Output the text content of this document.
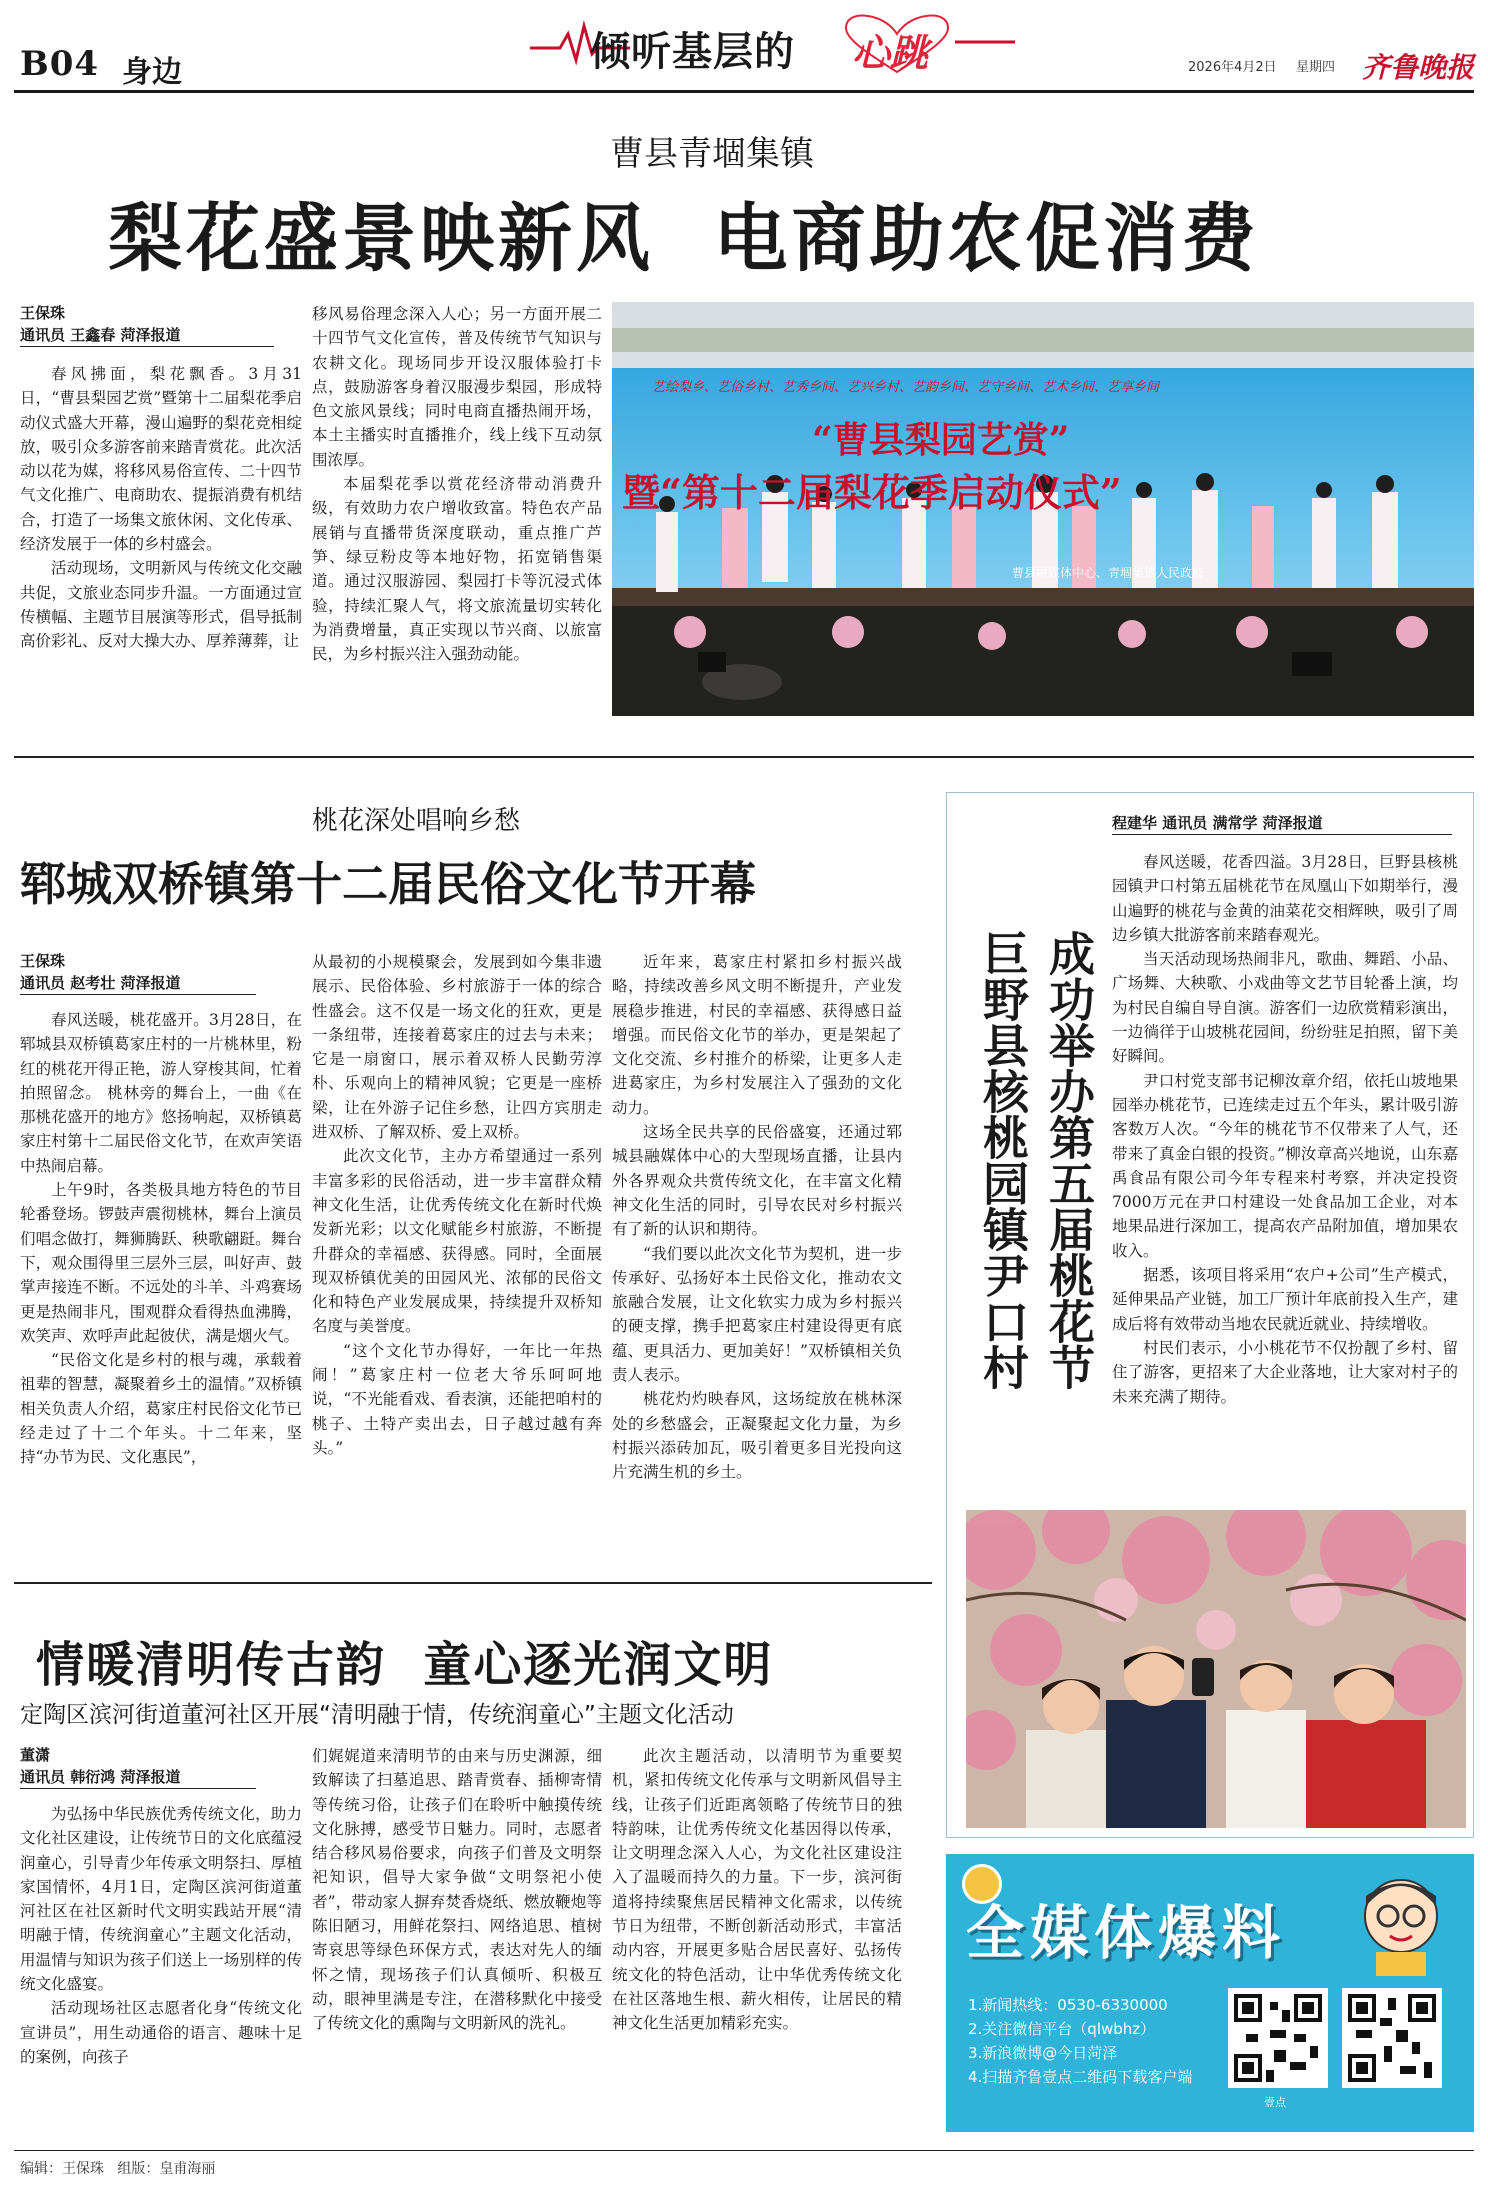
B04 身边	倾听基层的 心跳	2026年4月2日 星期四 齐鲁晚报
曹县青堌集镇
梨花盛景映新风  电商助农促消费
王保珠
通讯员 王鑫春 菏泽报道

春风拂面，梨花飘香。3月31日，“曹县梨园艺赏”暨第十二届梨花季启动仪式盛大开幕，漫山遍野的梨花竞相绽放，吸引众多游客前来踏青赏花。此次活动以花为媒，将移风易俗宣传、二十四节气文化推广、电商助农、提振消费有机结合，打造了一场集文旅休闲、文化传承、经济发展于一体的乡村盛会。

活动现场，文明新风与传统文化交融共促，文旅业态同步升温。一方面通过宣传横幅、主题节目展演等形式，倡导抵制高价彩礼、反对大操大办、厚养薄葬，让

移风易俗理念深入人心；另一方面开展二十四节气文化宣传，普及传统节气知识与农耕文化。现场同步开设汉服体验打卡点，鼓励游客身着汉服漫步梨园，形成特色文旅风景线；同时电商直播热闹开场，本土主播实时直播推介，线上线下互动氛围浓厚。

本届梨花季以赏花经济带动消费升级，有效助力农户增收致富。特色农产品展销与直播带货深度联动，重点推广芦笋、绿豆粉皮等本地好物，拓宽销售渠道。通过汉服游园、梨园打卡等沉浸式体验，持续汇聚人气，将文旅流量切实转化为消费增量，真正实现以节兴商、以旅富民，为乡村振兴注入强劲动能。

艺绘梨乡、艺俗乡村、艺秀乡间、艺兴乡村、艺韵乡间、艺守乡间、艺术乡间、艺享乡间
“曹县梨园艺赏”
暨“第十二届梨花季启动仪式”
曹县融媒体中心、青堌集镇人民政府
桃花深处唱响乡愁
郓城双桥镇第十二届民俗文化节开幕
王保珠
通讯员 赵考壮 菏泽报道

春风送暖，桃花盛开。3月28日，在郓城县双桥镇葛家庄村的一片桃林里，粉红的桃花开得正艳，游人穿梭其间，忙着拍照留念。 桃林旁的舞台上，一曲《在那桃花盛开的地方》悠扬响起，双桥镇葛家庄村第十二届民俗文化节，在欢声笑语中热闹启幕。

上午9时，各类极具地方特色的节目轮番登场。锣鼓声震彻桃林，舞台上演员们唱念做打，舞狮腾跃、秧歌翩跹。舞台下，观众围得里三层外三层，叫好声、鼓掌声接连不断。不远处的斗羊、斗鸡赛场更是热闹非凡，围观群众看得热血沸腾，欢笑声、欢呼声此起彼伏，满是烟火气。

“民俗文化是乡村的根与魂，承载着祖辈的智慧，凝聚着乡土的温情。”双桥镇相关负责人介绍，葛家庄村民俗文化节已经走过了十二个年头。十二年来，坚持“办节为民、文化惠民”，

从最初的小规模聚会，发展到如今集非遗展示、民俗体验、乡村旅游于一体的综合性盛会。这不仅是一场文化的狂欢，更是一条纽带，连接着葛家庄的过去与未来；它是一扇窗口，展示着双桥人民勤劳淳朴、乐观向上的精神风貌；它更是一座桥梁，让在外游子记住乡愁，让四方宾朋走进双桥、了解双桥、爱上双桥。

此次文化节，主办方希望通过一系列丰富多彩的民俗活动，进一步丰富群众精神文化生活，让优秀传统文化在新时代焕发新光彩；以文化赋能乡村旅游，不断提升群众的幸福感、获得感。同时，全面展现双桥镇优美的田园风光、浓郁的民俗文化和特色产业发展成果，持续提升双桥知名度与美誉度。

“这个文化节办得好，一年比一年热闹！”葛家庄村一位老大爷乐呵呵地说，“不光能看戏、看表演，还能把咱村的桃子、土特产卖出去，日子越过越有奔头。”

近年来，葛家庄村紧扣乡村振兴战略，持续改善乡风文明不断提升，产业发展稳步推进，村民的幸福感、获得感日益增强。而民俗文化节的举办，更是架起了文化交流、乡村推介的桥梁，让更多人走进葛家庄，为乡村发展注入了强劲的文化动力。

这场全民共享的民俗盛宴，还通过郓城县融媒体中心的大型现场直播，让县内外各界观众共赏传统文化，在丰富文化精神文化生活的同时，引导农民对乡村振兴有了新的认识和期待。

“我们要以此次文化节为契机，进一步传承好、弘扬好本土民俗文化，推动农文旅融合发展，让文化软实力成为乡村振兴的硬支撑，携手把葛家庄村建设得更有底蕴、更具活力、更加美好！”双桥镇相关负责人表示。

桃花灼灼映春风，这场绽放在桃林深处的乡愁盛会，正凝聚起文化力量，为乡村振兴添砖加瓦，吸引着更多目光投向这片充满生机的乡土。

程建华 通讯员 满常学 菏泽报道
成功举办第五届桃花节
巨野县核桃园镇尹口村

春风送暖，花香四溢。3月28日，巨野县核桃园镇尹口村第五届桃花节在凤凰山下如期举行，漫山遍野的桃花与金黄的油菜花交相辉映，吸引了周边乡镇大批游客前来踏春观光。

当天活动现场热闹非凡，歌曲、舞蹈、小品、广场舞、大秧歌、小戏曲等文艺节目轮番上演，均为村民自编自导自演。游客们一边欣赏精彩演出，一边徜徉于山坡桃花园间，纷纷驻足拍照，留下美好瞬间。

尹口村党支部书记柳汝章介绍，依托山坡地果园举办桃花节，已连续走过五个年头，累计吸引游客数万人次。“今年的桃花节不仅带来了人气，还带来了真金白银的投资。”柳汝章高兴地说，山东嘉禹食品有限公司今年专程来村考察，并决定投资7000万元在尹口村建设一处食品加工企业，对本地果品进行深加工，提高农产品附加值，增加果农收入。

据悉，该项目将采用“农户+公司”生产模式，延伸果品产业链，加工厂预计年底前投入生产，建成后将有效带动当地农民就近就业、持续增收。

村民们表示，小小桃花节不仅扮靓了乡村、留住了游客，更招来了大企业落地，让大家对村子的未来充满了期待。

情暖清明传古韵  童心逐光润文明
定陶区滨河街道董河社区开展“清明融于情，传统润童心”主题文化活动
董潇
通讯员 韩衍鸿 菏泽报道

为弘扬中华民族优秀传统文化，助力文化社区建设，让传统节日的文化底蕴浸润童心，引导青少年传承文明祭扫、厚植家国情怀，4月1日，定陶区滨河街道董河社区在社区新时代文明实践站开展“清明融于情，传统润童心”主题文化活动，用温情与知识为孩子们送上一场别样的传统文化盛宴。

活动现场社区志愿者化身“传统文化宣讲员”，用生动通俗的语言、趣味十足的案例，向孩子

们娓娓道来清明节的由来与历史渊源，细致解读了扫墓追思、踏青赏春、插柳寄情等传统习俗，让孩子们在聆听中触摸传统文化脉搏，感受节日魅力。同时，志愿者结合移风易俗要求，向孩子们普及文明祭祀知识，倡导大家争做“文明祭祀小使者”，带动家人摒弃焚香烧纸、燃放鞭炮等陈旧陋习，用鲜花祭扫、网络追思、植树寄哀思等绿色环保方式，表达对先人的缅怀之情，现场孩子们认真倾听、积极互动，眼神里满是专注，在潜移默化中接受了传统文化的熏陶与文明新风的洗礼。

此次主题活动，以清明节为重要契机，紧扣传统文化传承与文明新风倡导主线，让孩子们近距离领略了传统节日的独特韵味，让优秀传统文化基因得以传承，让文明理念深入人心，为文化社区建设注入了温暖而持久的力量。下一步，滨河街道将持续聚焦居民精神文化需求，以传统节日为纽带，不断创新活动形式，丰富活动内容，开展更多贴合居民喜好、弘扬传统文化的特色活动，让中华优秀传统文化在社区落地生根、薪火相传，让居民的精神文化生活更加精彩充实。

全媒体爆料
1.新闻热线：0530-6330000
2.关注微信平台（qlwbhz）
3.新浪微博@今日菏泽
4.扫描齐鲁壹点二维码下载客户端
壹点
编辑：王保珠   组版：皇甫海丽
